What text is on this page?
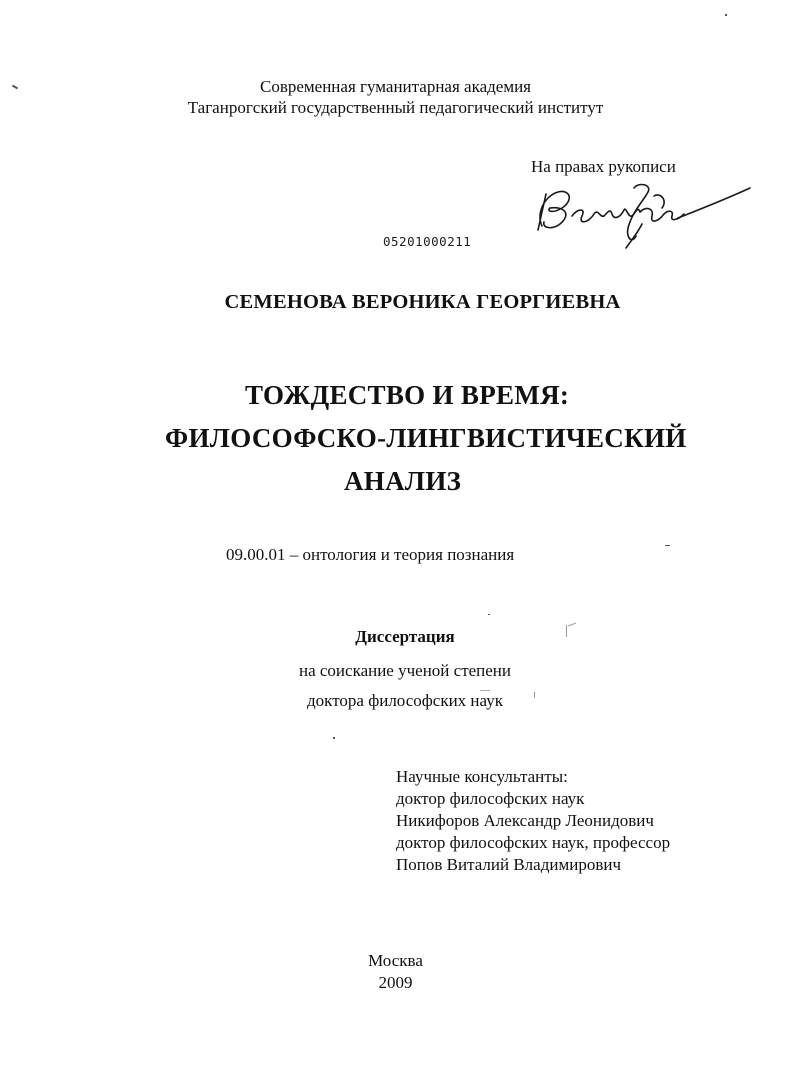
Современная гуманитарная академия
Таганрогский государственный педагогический институт
На правах рукописи
05201000211
СЕМЕНОВА ВЕРОНИКА ГЕОРГИЕВНА
ТОЖДЕСТВО И ВРЕМЯ:
ФИЛОСОФСКО-ЛИНГВИСТИЧЕСКИЙ
АНАЛИЗ
09.00.01 – онтология и теория познания
Диссертация
на соискание ученой степени
доктора философских наук
Научные консультанты:
доктор философских наук
Никифоров Александр Леонидович
доктор философских наук, профессор
Попов Виталий Владимирович
Москва
2009
